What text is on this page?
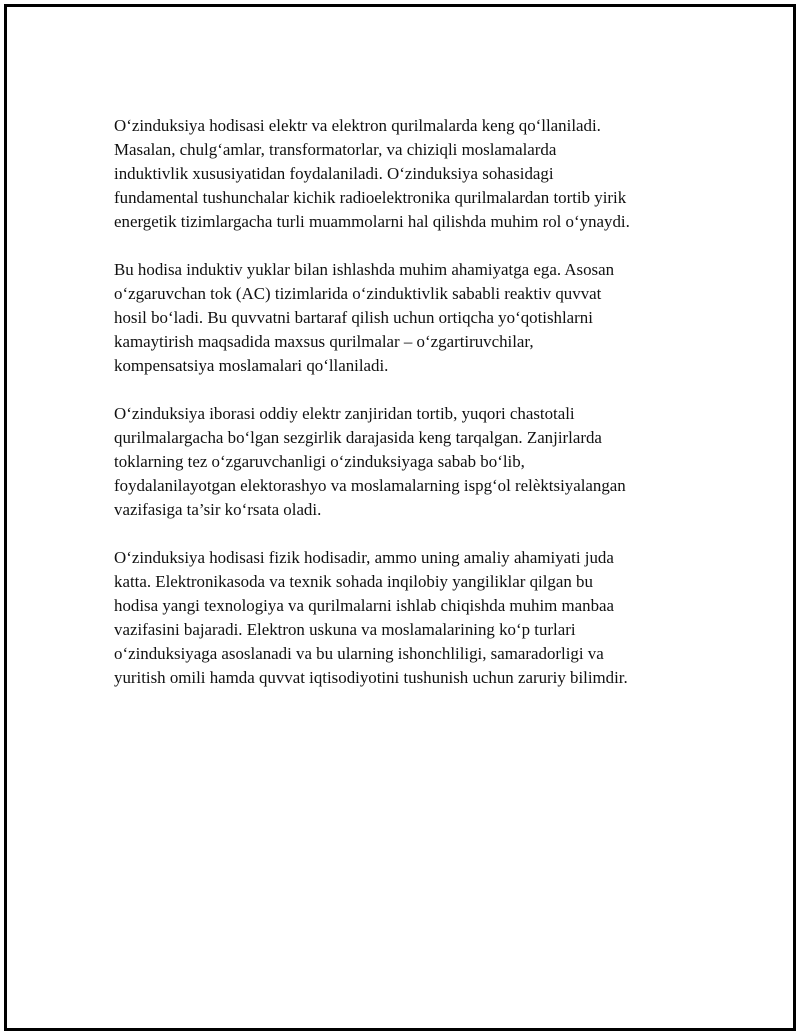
O‘zinduksiya hodisasi elektr va elektron qurilmalarda keng qo‘llaniladi.
Masalan, chulg‘amlar, transformatorlar, va chiziqli moslamalarda
induktivlik xususiyatidan foydalaniladi. O‘zinduksiya sohasidagi
fundamental tushunchalar kichik radioelektronika qurilmalardan tortib yirik
energetik tizimlargacha turli muammolarni hal qilishda muhim rol o‘ynaydi.

Bu hodisa induktiv yuklar bilan ishlashda muhim ahamiyatga ega. Asosan
o‘zgaruvchan tok (AC) tizimlarida o‘zinduktivlik sababli reaktiv quvvat
hosil bo‘ladi. Bu quvvatni bartaraf qilish uchun ortiqcha yo‘qotishlarni
kamaytirish maqsadida maxsus qurilmalar – o‘zgartiruvchilar,
kompensatsiya moslamalari qo‘llaniladi.

O‘zinduksiya iborasi oddiy elektr zanjiridan tortib, yuqori chastotali
qurilmalargacha bo‘lgan sezgirlik darajasida keng tarqalgan. Zanjirlarda
toklarning tez o‘zgaruvchanligi o‘zinduksiyaga sabab bo‘lib,
foydalanilayotgan elektorashyo va moslamalarning ispg‘ol relèktsiyalangan
vazifasiga ta’sir ko‘rsata oladi.

O‘zinduksiya hodisasi fizik hodisadir, ammo uning amaliy ahamiyati juda
katta. Elektronikasoda va texnik sohada inqilobiy yangiliklar qilgan bu
hodisa yangi texnologiya va qurilmalarni ishlab chiqishda muhim manbaa
vazifasini bajaradi. Elektron uskuna va moslamalarining ko‘p turlari
o‘zinduksiyaga asoslanadi va bu ularning ishonchliligi, samaradorligi va
yuritish omili hamda quvvat iqtisodiyotini tushunish uchun zaruriy bilimdir.
